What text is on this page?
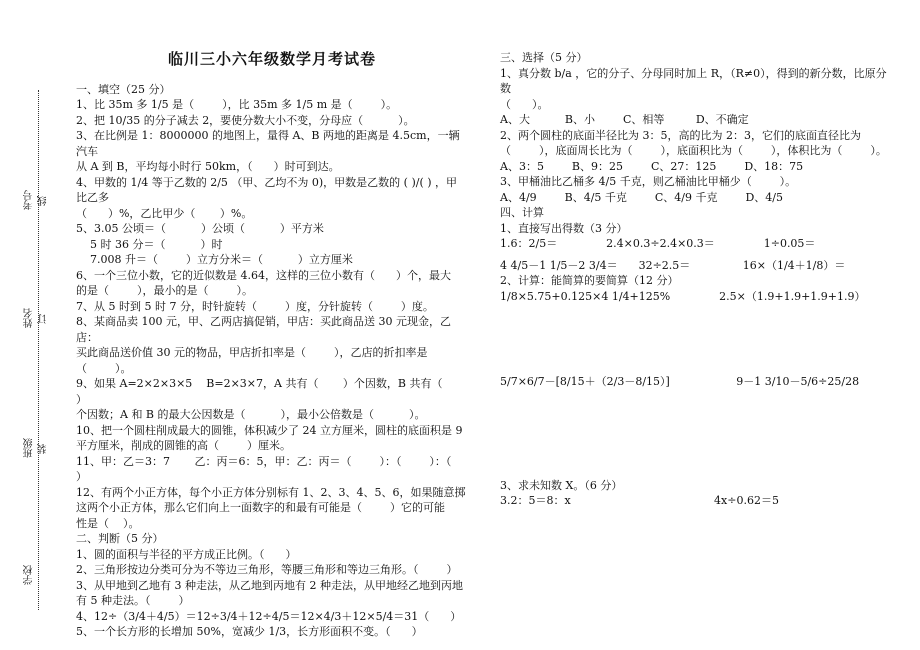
考号 线
姓名 订
班级 装
学校
临川三小六年级数学月考试卷
一、填空（25 分）
1、比 35m 多 1/5 是（        ），比 35m 多 1/5 m 是（        ）。
2、把 10/35 的分子减去 2，要使分数大小不变，分母应（          ）。
3、在比例是 1：8000000 的地图上，量得 A、B 两地的距离是 4.5cm，一辆汽车
从 A 到 B，平均每小时行 50km，（      ）时可到达。
4、甲数的 1/4 等于乙数的 2/5 （甲、乙均不为 0)，甲数是乙数的 ( )/( ) ，甲比乙多
（      ）%，乙比甲少（       ）%。
5、3.05 公顷＝（          ）公顷（          ）平方米
5 时 36 分＝（          ）时
7.008 升＝（        ）立方分米＝（          ）立方厘米
6、一个三位小数，它的近似数是 4.64，这样的三位小数有（      ）个，最大
的是（        ），最小的是（        ）。
7、从 5 时到 5 时 7 分，时针旋转（        ）度，分针旋转（        ）度。
8、某商品卖 100 元，甲、乙两店搞促销，甲店：买此商品送 30 元现金，乙店：
买此商品送价值 30 元的物品，甲店折扣率是（        ），乙店的折扣率是
（        ）。
9、如果 A=2×2×3×5    B=2×3×7，A 共有（       ）个因数，B 共有（        ）
个因数；A 和 B 的最大公因数是（          ），最小公倍数是（          ）。
10、把一个圆柱削成最大的圆锥，体积减少了 24 立方厘米，圆柱的底面积是 9
平方厘米，削成的圆锥的高（        ）厘米。
11、甲：乙＝3：7       乙：丙＝6：5，甲：乙：丙＝（        ）：（        ）：（        ）
12、有两个小正方体，每个小正方体分别标有 1、2、3、4、5、6，如果随意掷
这两个小正方体，那么它们向上一面数字的和最有可能是（        ）它的可能
性是（    ）。
二、判断（5 分）
1、圆的面积与半径的平方成正比例。（      ）
2、三角形按边分类可分为不等边三角形，等腰三角形和等边三角形。（        ）
3、从甲地到乙地有 3 种走法，从乙地到丙地有 2 种走法，从甲地经乙地到丙地
有 5 种走法。（        ）
4、12÷（3/4＋4/5）＝12÷3/4＋12÷4/5＝12×4/3＋12×5/4＝31（      ）
5、一个长方形的长增加 50%，宽减少 1/3，长方形面积不变。（      ）
三、选择（5 分）
1、真分数 b/a ，它的分子、分母同时加上 R，（R≠0），得到的新分数，比原分数
（      ）。
A、大          B、小        C、相等         D、不确定
2、两个圆柱的底面半径比为 3：5，高的比为 2：3，它们的底面直径比为
（        ），底面周长比为（        ），底面积比为（        ），体积比为（        ）。
A、3：5        B、9：25        C、27：125        D、18：75
3、甲桶油比乙桶多 4/5 千克，则乙桶油比甲桶少（        ）。
A、4/9        B、4/5 千克        C、4/9 千克        D、4/5
四、计算
1、直接写出得数（3 分）
1.6：2/5＝              2.4×0.3÷2.4×0.3＝              1÷0.05＝
4 4/5－1 1/5－2 3/4＝      32÷2.5＝               16×（1/4＋1/8）＝
2、计算：能简算的要简算（12 分）
1/8×5.75+0.125×4 1/4+125%              2.5×（1.9+1.9+1.9+1.9）
5/7×6/7－[8/15＋（2/3－8/15）]                   9－1 3/10－5/6÷25/28
3、求未知数 X。（6 分）
3.2：5＝8：x                                         4x÷0.62＝5
